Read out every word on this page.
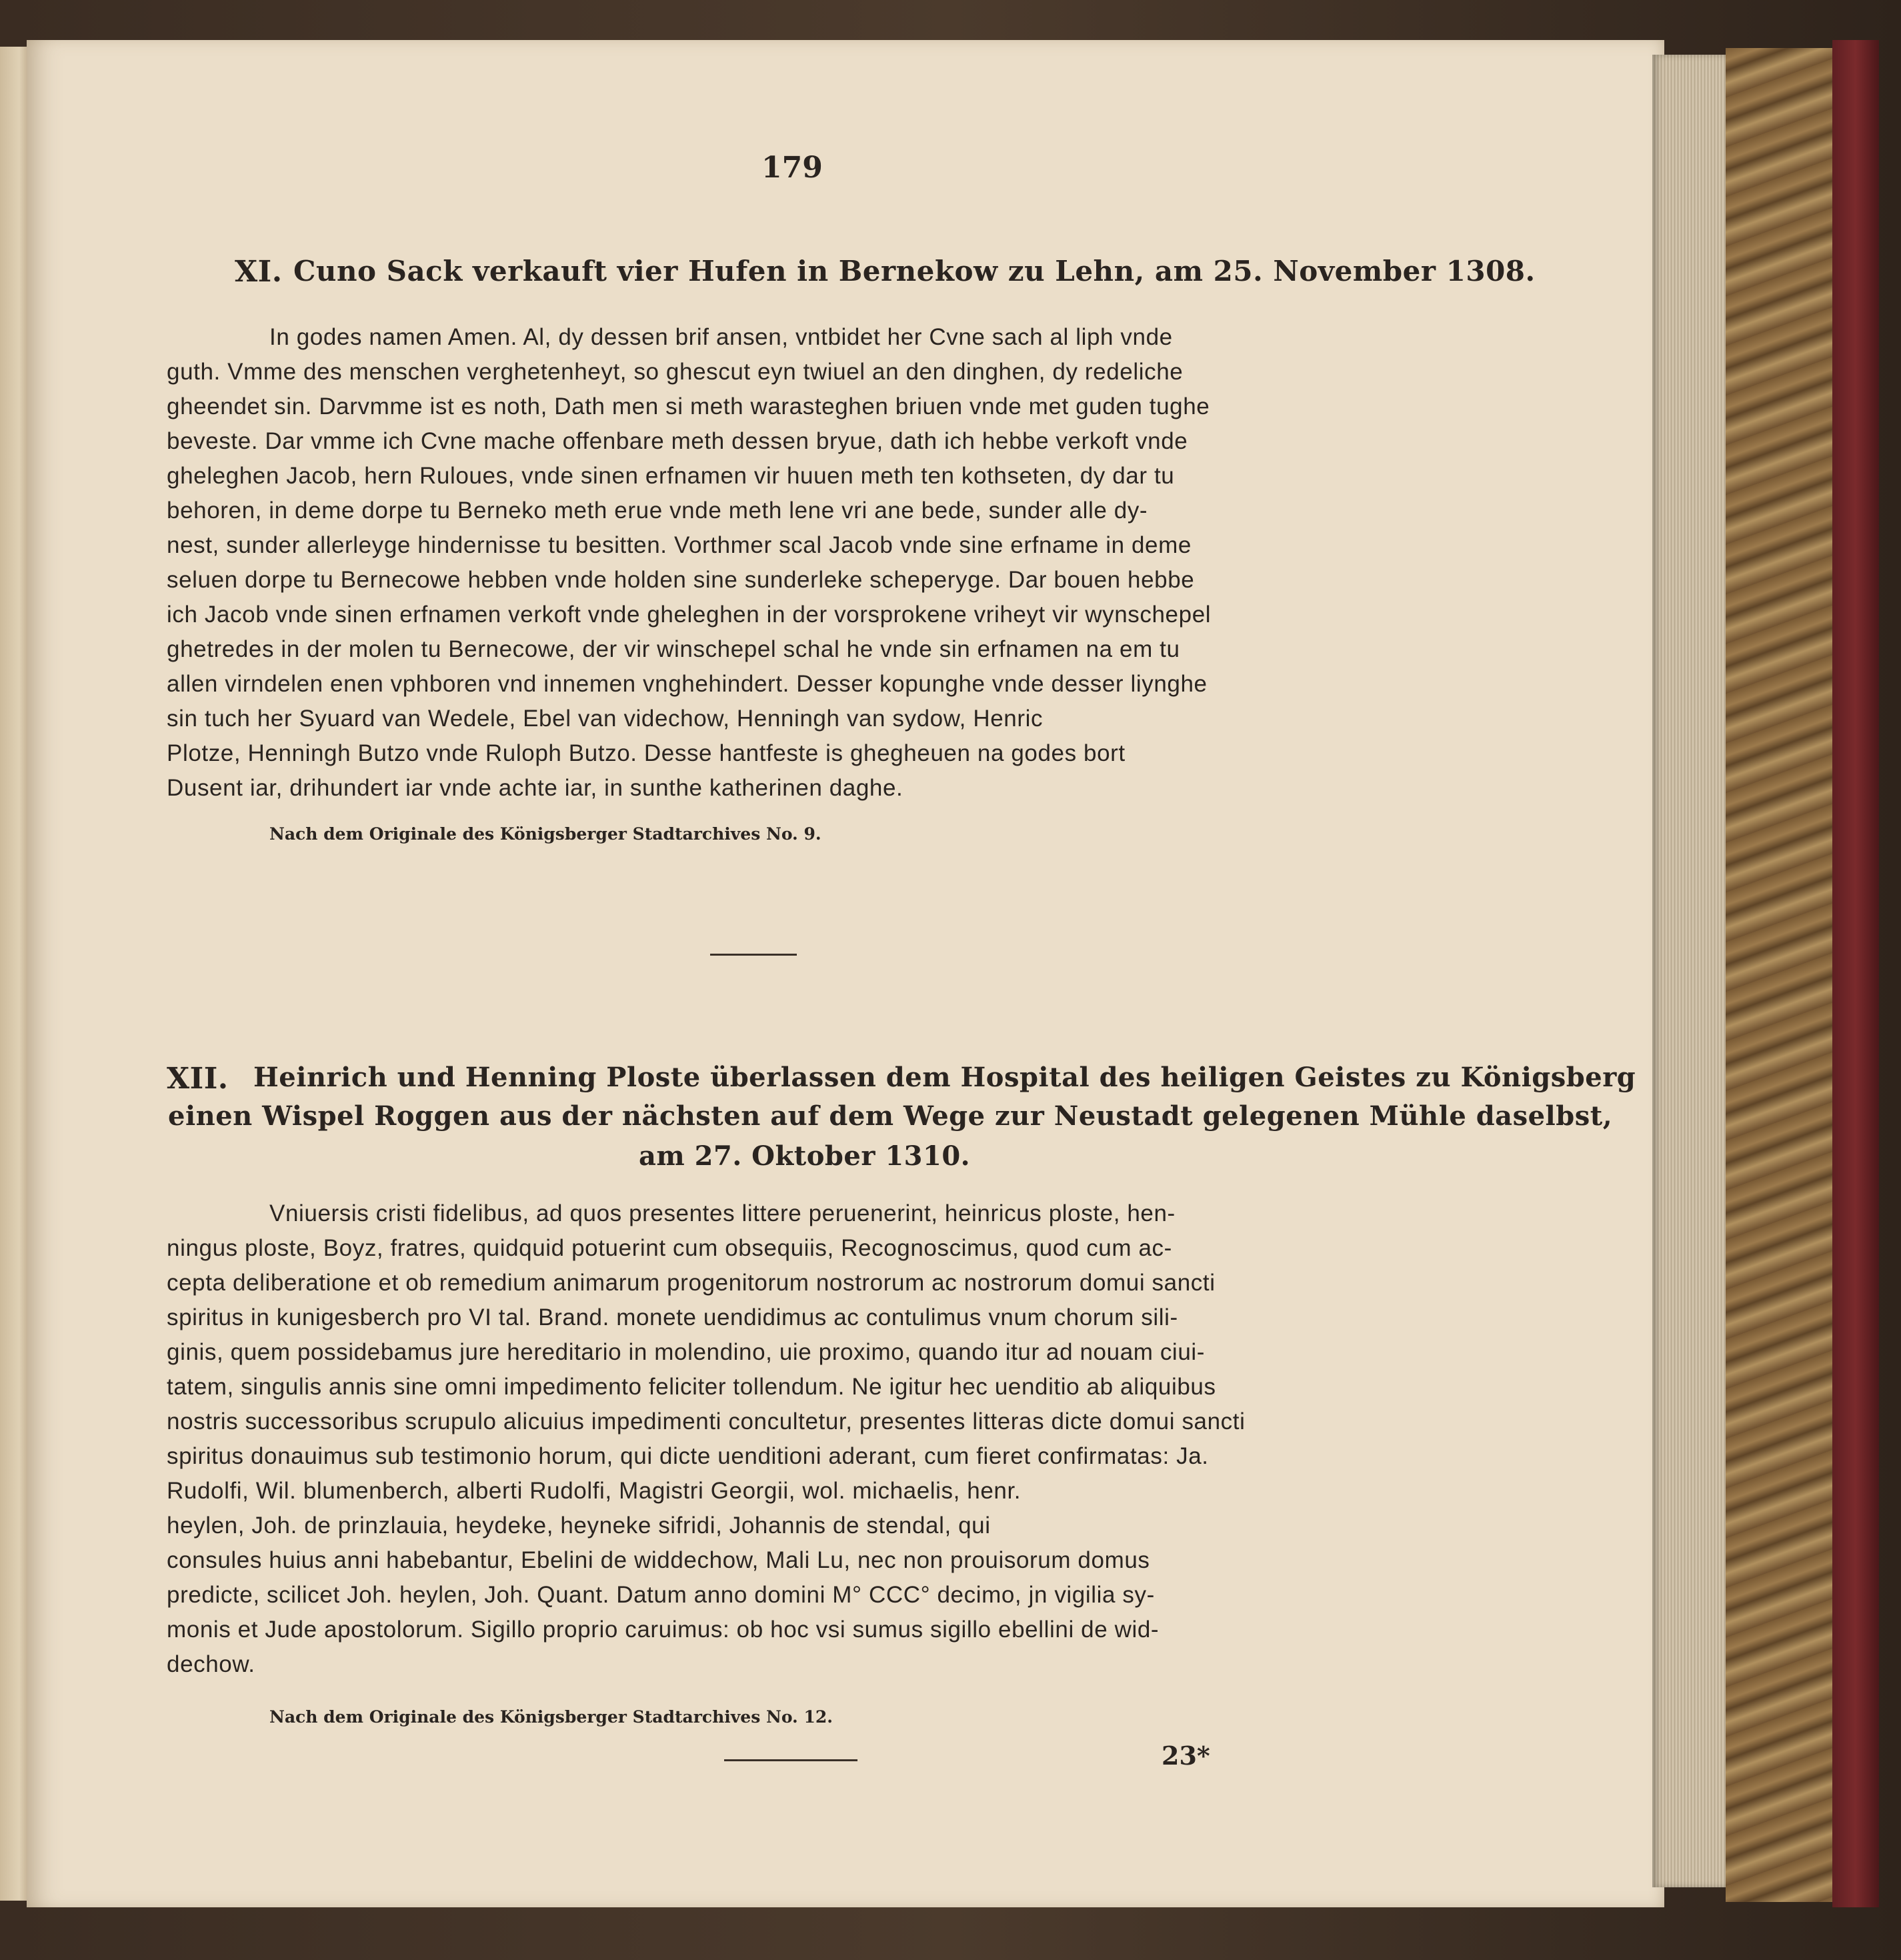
179
XI. Cuno Sack verkauft vier Hufen in Bernekow zu Lehn, am 25. November 1308.
In godes namen Amen. Al, dy dessen brif ansen, vntbidet her Cvne sach al liph vnde
guth. Vmme des menschen verghetenheyt, so ghescut eyn twiuel an den dinghen, dy redeliche
gheendet sin. Darvmme ist es noth, Dath men si meth warasteghen briuen vnde met guden tughe
beveste. Dar vmme ich Cvne mache offenbare meth dessen bryue, dath ich hebbe verkoft vnde
gheleghen Jacob, hern Ruloues, vnde sinen erfnamen vir huuen meth ten kothseten, dy dar tu
behoren, in deme dorpe tu Berneko meth erue vnde meth lene vri ane bede, sunder alle dy-
nest, sunder allerleyge hindernisse tu besitten. Vorthmer scal Jacob vnde sine erfname in deme
seluen dorpe tu Bernecowe hebben vnde holden sine sunderleke scheperyge. Dar bouen hebbe
ich Jacob vnde sinen erfnamen verkoft vnde gheleghen in der vorsprokene vriheyt vir wynschepel
ghetredes in der molen tu Bernecowe, der vir winschepel schal he vnde sin erfnamen na em tu
allen virndelen enen vphboren vnd innemen vnghehindert. Desser kopunghe vnde desser liynghe
sin tuch her Syuard van Wedele, Ebel van videchow, Henningh van sydow, Henric
Plotze, Henningh Butzo vnde Ruloph Butzo. Desse hantfeste is ghegheuen na godes bort
Dusent iar, drihundert iar vnde achte iar, in sunthe katherinen daghe.
Nach dem Originale des Königsberger Stadtarchives No. 9.
XII. Heinrich und Henning Ploste überlassen dem Hospital des heiligen Geistes zu Königsberg
einen Wispel Roggen aus der nächsten auf dem Wege zur Neustadt gelegenen Mühle daselbst,
am 27. Oktober 1310.
Vniuersis cristi fidelibus, ad quos presentes littere peruenerint, heinricus ploste, hen-
ningus ploste, Boyz, fratres, quidquid potuerint cum obsequiis, Recognoscimus, quod cum ac-
cepta deliberatione et ob remedium animarum progenitorum nostrorum ac nostrorum domui sancti
spiritus in kunigesberch pro VI tal. Brand. monete uendidimus ac contulimus vnum chorum sili-
ginis, quem possidebamus jure hereditario in molendino, uie proximo, quando itur ad nouam ciui-
tatem, singulis annis sine omni impedimento feliciter tollendum. Ne igitur hec uenditio ab aliquibus
nostris successoribus scrupulo alicuius impedimenti concultetur, presentes litteras dicte domui sancti
spiritus donauimus sub testimonio horum, qui dicte uenditioni aderant, cum fieret confirmatas: Ja.
Rudolfi, Wil. blumenberch, alberti Rudolfi, Magistri Georgii, wol. michaelis, henr.
heylen, Joh. de prinzlauia, heydeke, heyneke sifridi, Johannis de stendal, qui
consules huius anni habebantur, Ebelini de widdechow, Mali Lu, nec non prouisorum domus
predicte, scilicet Joh. heylen, Joh. Quant. Datum anno domini M° CCC° decimo, jn vigilia sy-
monis et Jude apostolorum. Sigillo proprio caruimus: ob hoc vsi sumus sigillo ebellini de wid-
dechow.
Nach dem Originale des Königsberger Stadtarchives No. 12.
23*
